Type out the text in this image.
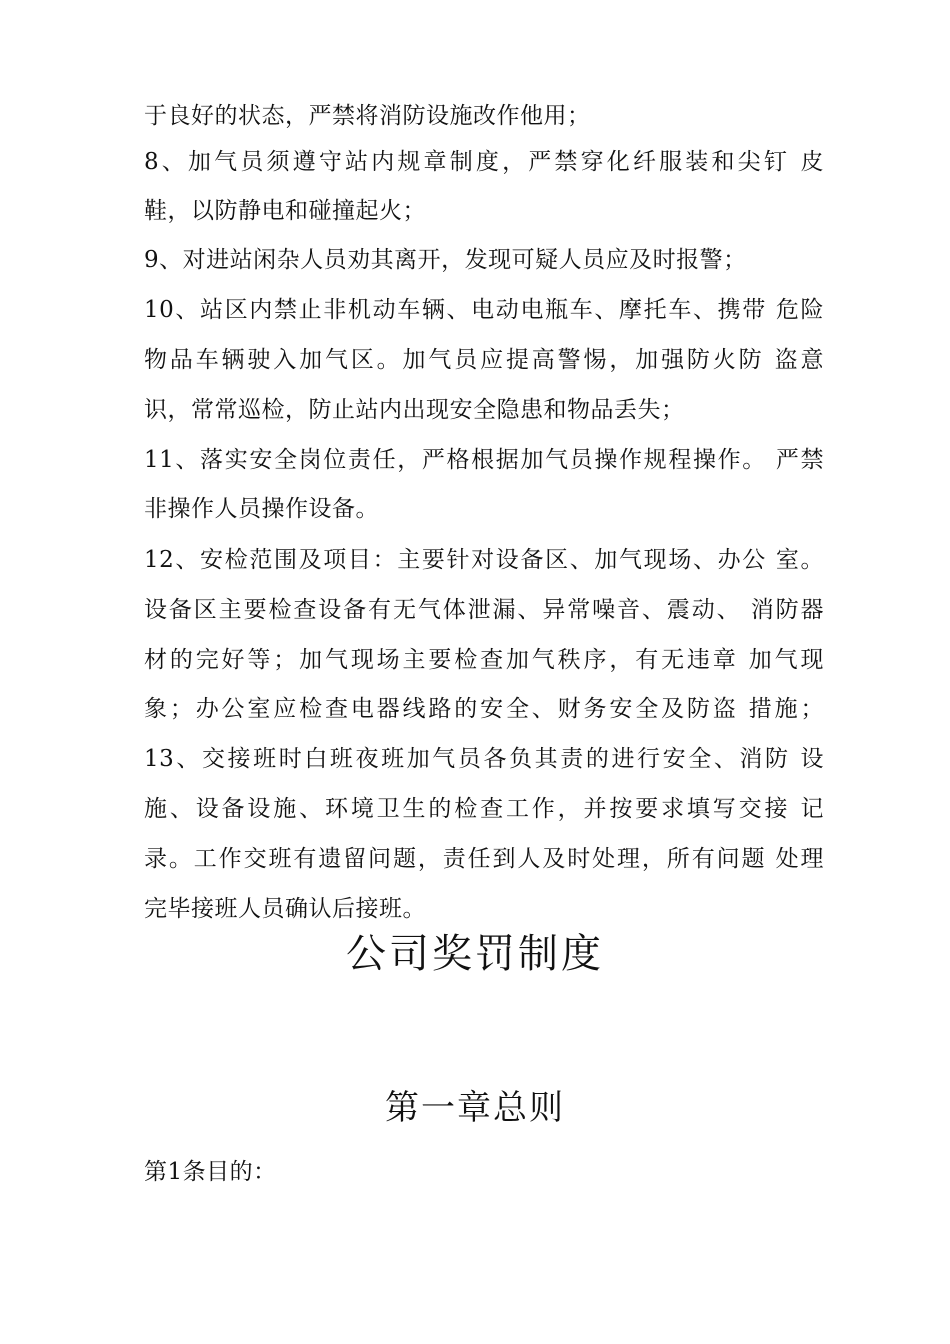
于良好的状态，严禁将消防设施改作他用；
8、加气员须遵守站内规章制度，严禁穿化纤服装和尖钉 皮
鞋，以防静电和碰撞起火；
9、对进站闲杂人员劝其离开，发现可疑人员应及时报警；
10、站区内禁止非机动车辆、电动电瓶车、摩托车、携带 危险
物品车辆驶入加气区。加气员应提高警惕，加强防火防 盗意
识，常常巡检，防止站内出现安全隐患和物品丢失；
11、落实安全岗位责任，严格根据加气员操作规程操作。 严禁
非操作人员操作设备。
12、安检范围及项目：主要针对设备区、加气现场、办公 室。
设备区主要检查设备有无气体泄漏、异常噪音、震动、 消防器
材的完好等；加气现场主要检查加气秩序，有无违章 加气现
象；办公室应检查电器线路的安全、财务安全及防盗 措施；
13、交接班时白班夜班加气员各负其责的进行安全、消防 设
施、设备设施、环境卫生的检查工作，并按要求填写交接 记
录。工作交班有遗留问题，责任到人及时处理，所有问题 处理
完毕接班人员确认后接班。
公司奖罚制度
第一章总则
第1条目的：
